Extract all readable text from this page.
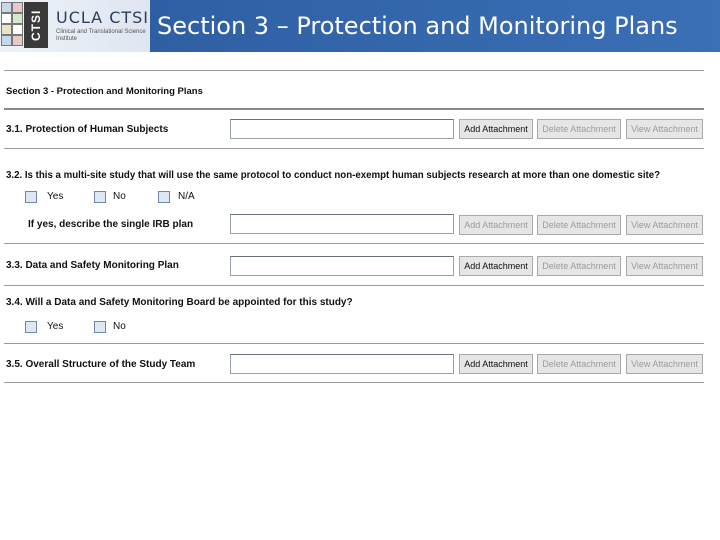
CTSI UCLA CTSI
Clinical and Translational Science Institute	Section 3 – Protection and Monitoring Plans
Section 3 - Protection and Monitoring Plans
3.1. Protection of Human Subjects	Add Attachment	Delete Attachment	View Attachment
3.2. Is this a multi-site study that will use the same protocol to conduct non-exempt human subjects research at more than one domestic site?
Yes	No	N/A
If yes, describe the single IRB plan	Add Attachment	Delete Attachment	View Attachment
3.3. Data and Safety Monitoring Plan	Add Attachment	Delete Attachment	View Attachment
3.4. Will a Data and Safety Monitoring Board be appointed for this study?
Yes	No
3.5. Overall Structure of the Study Team	Add Attachment	Delete Attachment	View Attachment
